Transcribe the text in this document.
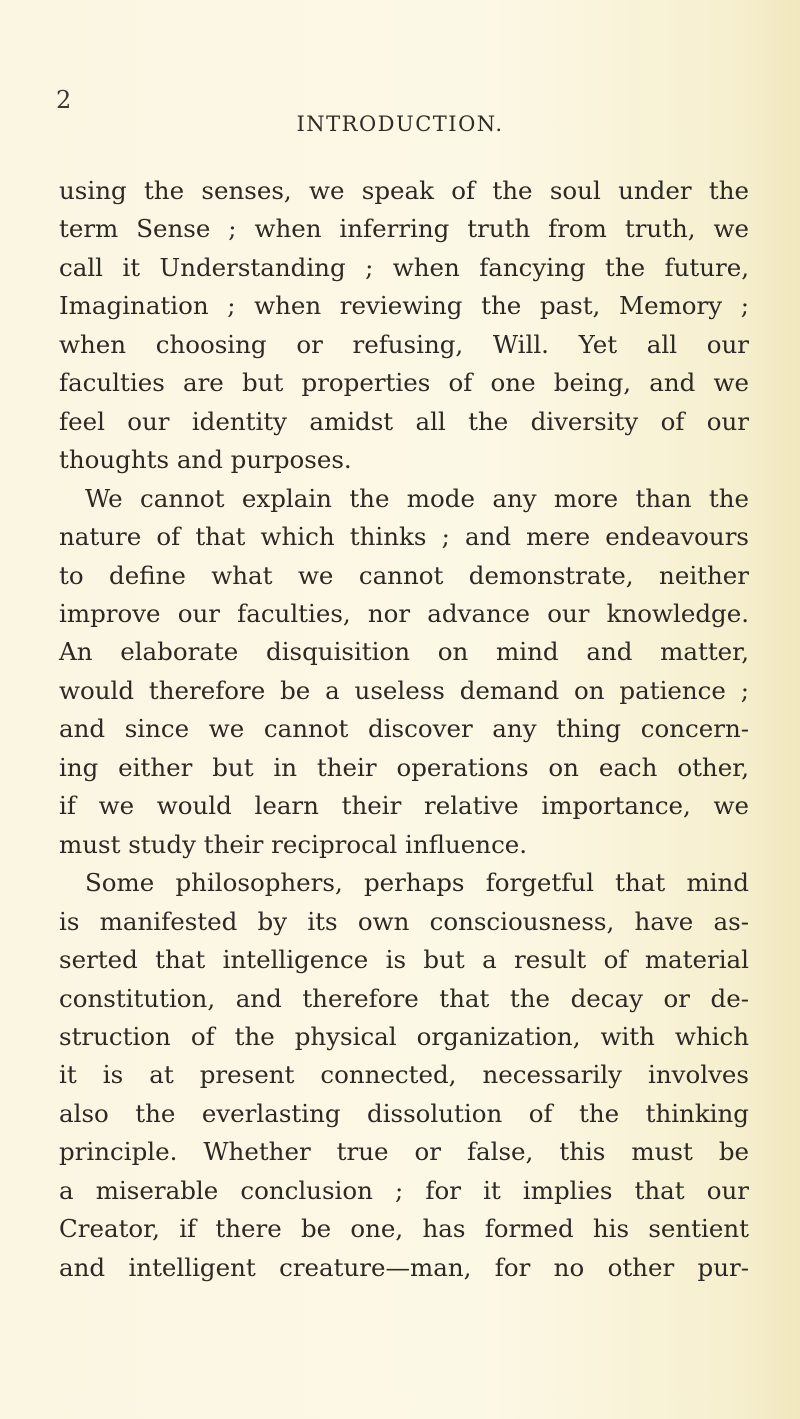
2
INTRODUCTION.
using the senses, we speak of the soul under the
term Sense ; when inferring truth from truth, we
call it Understanding ; when fancying the future,
Imagination ; when reviewing the past, Memory ;
when choosing or refusing, Will. Yet all our
faculties are but properties of one being, and we
feel our identity amidst all the diversity of our
thoughts and purposes.
We cannot explain the mode any more than the
nature of that which thinks ; and mere endeavours
to define what we cannot demonstrate, neither
improve our faculties, nor advance our knowledge.
An elaborate disquisition on mind and matter,
would therefore be a useless demand on patience ;
and since we cannot discover any thing concern-
ing either but in their operations on each other,
if we would learn their relative importance, we
must study their reciprocal influence.
Some philosophers, perhaps forgetful that mind
is manifested by its own consciousness, have as-
serted that intelligence is but a result of material
constitution, and therefore that the decay or de-
struction of the physical organization, with which
it is at present connected, necessarily involves
also the everlasting dissolution of the thinking
principle. Whether true or false, this must be
a miserable conclusion ; for it implies that our
Creator, if there be one, has formed his sentient
and intelligent creature—man, for no other pur-
